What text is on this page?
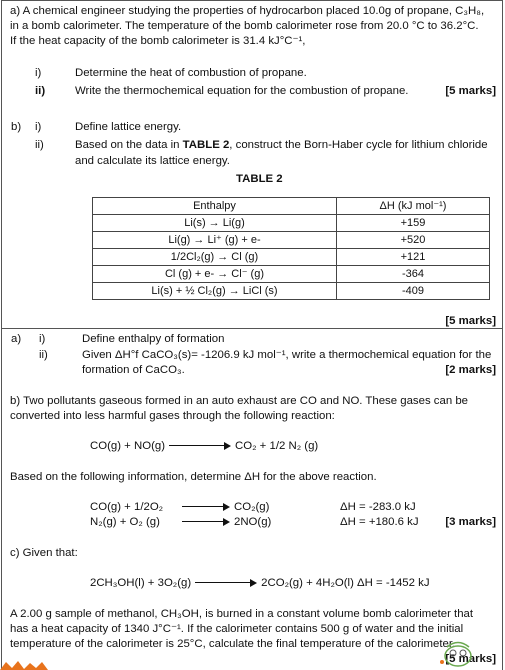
a) A chemical engineer studying the properties of hydrocarbon placed 10.0g of propane, C₃H₈,
in a bomb calorimeter. The temperature of the bomb calorimeter rose from 20.0 °C to 36.2°C.
If the heat capacity of the bomb calorimeter is 31.4 kJ°C⁻¹,
i)	Determine the heat of combustion of propane.
ii)	Write the thermochemical equation for the combustion of propane.	[5 marks]
b) i)	Define lattice energy.
ii)	Based on the data in TABLE 2, construct the Born-Haber cycle for lithium chloride
and calculate its lattice energy.
TABLE 2
Enthalpy	ΔH (kJ mol⁻¹)
Li(s) → Li(g)	+159
Li(g) → Li⁺ (g) + e-	+520
1/2Cl₂(g) → Cl (g)	+121
Cl (g) + e- → Cl⁻ (g)	-364
Li(s) + ½ Cl₂(g) → LiCl (s)	-409
[5 marks]
a) i)	Define enthalpy of formation
ii)	Given ΔH°f CaCO₃(s)= -1206.9 kJ mol⁻¹, write a thermochemical equation for the
formation of CaCO₃.	[2 marks]
b) Two pollutants gaseous formed in an auto exhaust are CO and NO. These gases can be
converted into less harmful gases through the following reaction:
CO(g) + NO(g)	CO₂ + 1/2 N₂ (g)
Based on the following information, determine ΔH for the above reaction.
CO(g) + 1/2O₂	CO₂(g)	ΔH = -283.0 kJ
N₂(g) + O₂ (g)	2NO(g)	ΔH = +180.6 kJ [3 marks]
c) Given that:
2CH₃OH(l) + 3O₂(g)	2CO₂(g) + 4H₂O(l) ΔH = -1452 kJ
A 2.00 g sample of methanol, CH₃OH, is burned in a constant volume bomb calorimeter that
has a heat capacity of 1340 J°C⁻¹. If the calorimeter contains 500 g of water and the initial
temperature of the calorimeter is 25°C, calculate the final temperature of the calorimeter.
[5 marks]
